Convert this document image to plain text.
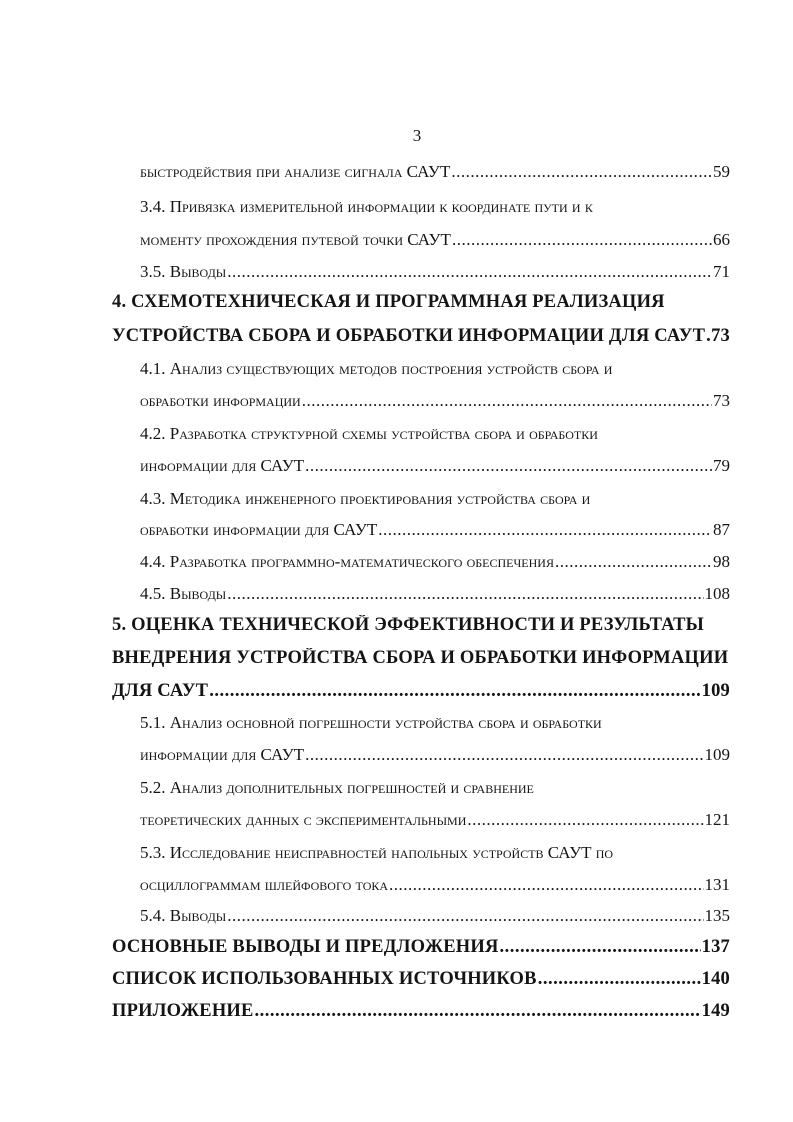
3
быстродействия при анализе сигнала САУТ .....	59
3.4. Привязка измерительной информации к координате пути и к
моменту прохождения путевой точки САУТ .....	66
3.5. Выводы .....	71
4. СХЕМОТЕХНИЧЕСКАЯ И ПРОГРАММНАЯ РЕАЛИЗАЦИЯ
УСТРОЙСТВА СБОРА И ОБРАБОТКИ ИНФОРМАЦИИ ДЛЯ САУТ ..... 73
4.1. Анализ существующих методов построения устройств сбора и
обработки информации .....	73
4.2. Разработка структурной схемы устройства сбора и обработки
информации для САУТ .....	79
4.3. Методика инженерного проектирования устройства сбора и
обработки информации для САУТ .....	87
4.4. Разработка программно-математического обеспечения .....	98
4.5. Выводы .....	108
5. ОЦЕНКА ТЕХНИЧЕСКОЙ ЭФФЕКТИВНОСТИ И РЕЗУЛЬТАТЫ
ВНЕДРЕНИЯ УСТРОЙСТВА СБОРА И ОБРАБОТКИ ИНФОРМАЦИИ
ДЛЯ САУТ .....	109
5.1. Анализ основной погрешности устройства сбора и обработки
информации для САУТ .....	109
5.2. Анализ дополнительных погрешностей и сравнение
теоретических данных с экспериментальными .....	121
5.3. Исследование неисправностей напольных устройств САУТ по
осциллограммам шлейфового тока .....	131
5.4. Выводы .....	135
ОСНОВНЫЕ ВЫВОДЫ И ПРЕДЛОЖЕНИЯ .....	137
СПИСОК ИСПОЛЬЗОВАННЫХ ИСТОЧНИКОВ .....	140
ПРИЛОЖЕНИЕ .....	149
